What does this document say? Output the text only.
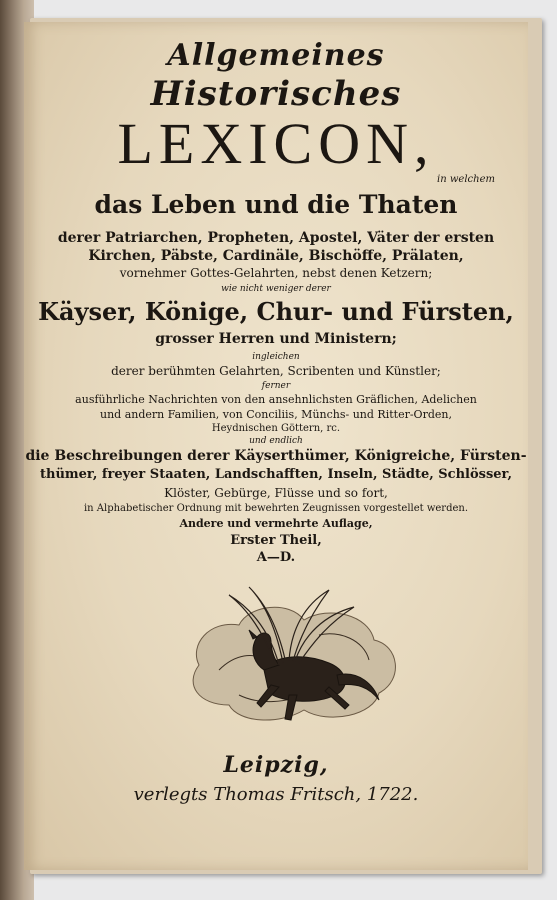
Allgemeines
Historisches
LEXICON,
in welchem
das Leben und die Thaten
derer Patriarchen, Propheten, Apostel, Väter der ersten
Kirchen, Päbste, Cardinäle, Bischöffe, Prälaten,
vornehmer Gottes-Gelahrten, nebst denen Ketzern;
wie nicht weniger derer
Käyser, Könige, Chur- und Fürsten,
grosser Herren und Ministern;
ingleichen
derer berühmten Gelahrten, Scribenten und Künstler;
ferner
ausführliche Nachrichten von den ansehnlichsten Gräflichen, Adelichen
und andern Familien, von Conciliis, Münchs- und Ritter-Orden,
Heydnischen Göttern, rc.
und endlich
die Beschreibungen derer Käyserthümer, Königreiche, Fürsten-
thümer, freyer Staaten, Landschafften, Inseln, Städte, Schlösser,
Klöster, Gebürge, Flüsse und so fort,
in Alphabetischer Ordnung mit bewehrten Zeugnissen vorgestellet werden.
Andere und vermehrte Auflage,
Erster Theil,
A—D.
Leipzig,
verlegts Thomas Fritsch, 1722.
